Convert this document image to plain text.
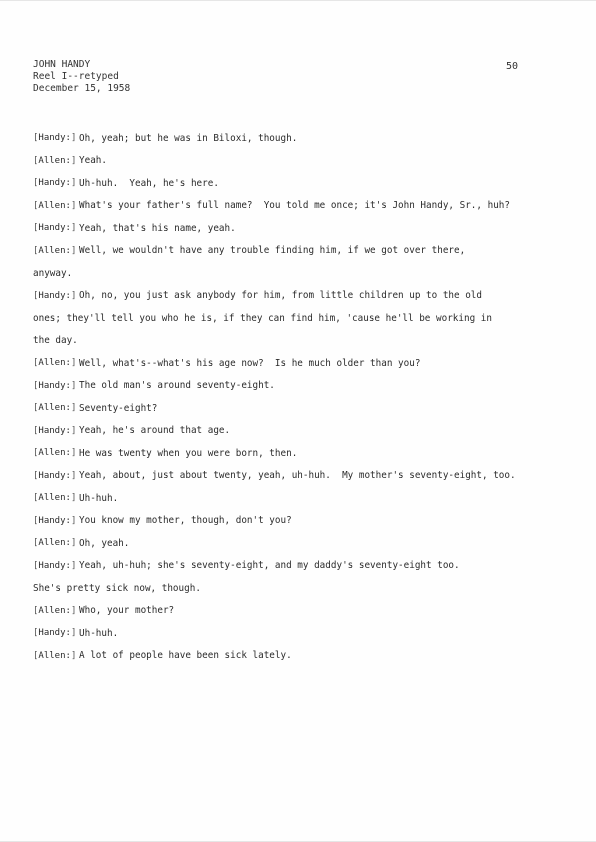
JOHN HANDY
Reel I--retyped
December 15, 1958
50
[Handy:] Oh, yeah; but he was in Biloxi, though.
[Allen:] Yeah.
[Handy:] Uh-huh.  Yeah, he's here.
[Allen:] What's your father's full name?  You told me once; it's John Handy, Sr., huh?
[Handy:] Yeah, that's his name, yeah.
[Allen:] Well, we wouldn't have any trouble finding him, if we got over there,
anyway.
[Handy:] Oh, no, you just ask anybody for him, from little children up to the old
ones; they'll tell you who he is, if they can find him, 'cause he'll be working in
the day.
[Allen:] Well, what's--what's his age now?  Is he much older than you?
[Handy:] The old man's around seventy-eight.
[Allen:] Seventy-eight?
[Handy:] Yeah, he's around that age.
[Allen:] He was twenty when you were born, then.
[Handy:] Yeah, about, just about twenty, yeah, uh-huh.  My mother's seventy-eight, too.
[Allen:] Uh-huh.
[Handy:] You know my mother, though, don't you?
[Allen:] Oh, yeah.
[Handy:] Yeah, uh-huh; she's seventy-eight, and my daddy's seventy-eight too.
She's pretty sick now, though.
[Allen:] Who, your mother?
[Handy:] Uh-huh.
[Allen:] A lot of people have been sick lately.
